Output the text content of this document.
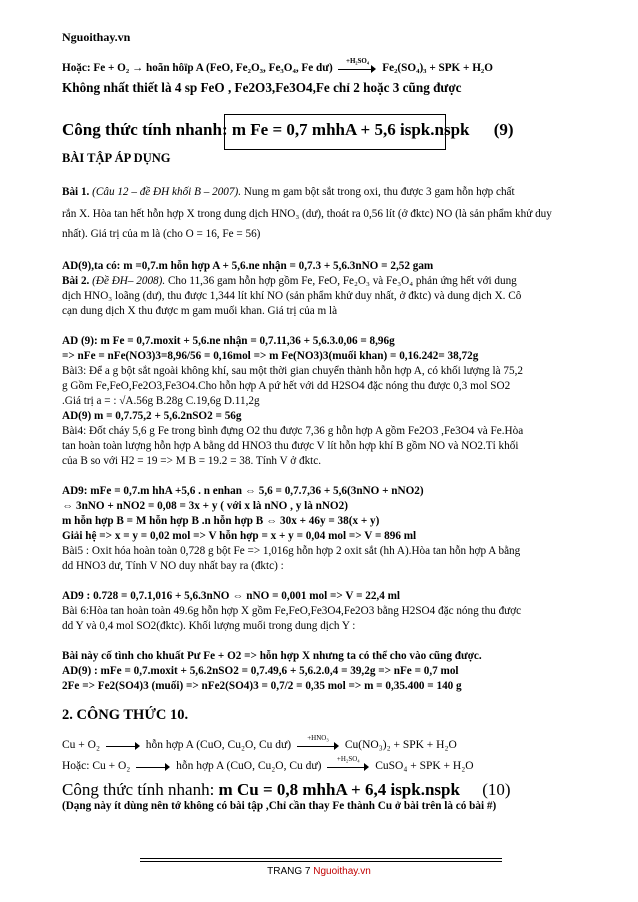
Nguoithay.vn
Hoặc: Fe + O₂ → hoãn hôïp A (FeO, Fe₂O₃, Fe₃O₄, Fe dư)
+H₂SO₄
Fe₂(SO₄)₃ + SPK + H₂O
Không nhất thiết là 4 sp FeO , Fe2O3,Fe3O4,Fe chỉ 2 hoặc 3 cũng được
Công thức tính nhanh: m Fe = 0,7 mhhA + 5,6 ispk.nspk (9)
BÀI TẬP ÁP DỤNG
Bài 1. (Câu 12 – đề ĐH khối B – 2007). Nung m gam bột sắt trong oxi, thu được 3 gam hỗn hợp chất
rắn X. Hòa tan hết hỗn hợp X trong dung dịch HNO₃ (dư), thoát ra 0,56 lít (ở đktc) NO (là sản phẩm khử duy
nhất). Giá trị của m là (cho O = 16, Fe = 56)
AD(9),ta có: m =0,7.m hỗn hợp A + 5,6.ne nhận = 0,7.3 + 5,6.3nNO = 2,52 gam
Bài 2. (Đề ĐH– 2008). Cho 11,36 gam hỗn hợp gồm Fe, FeO, Fe₂O₃ và Fe₃O₄ phản ứng hết với dung
dịch HNO₃ loãng (dư), thu được 1,344 lít khí NO (sản phẩm khử duy nhất, ở đktc) và dung dịch X. Cô
cạn dung dịch X thu được m gam muối khan. Giá trị của m là
AD (9): m Fe = 0,7.moxit + 5,6.ne nhận = 0,7.11,36 + 5,6.3.0,06 = 8,96g
=> nFe = nFe(NO3)3=8,96/56 = 0,16mol => m Fe(NO3)3(muối khan) = 0,16.242= 38,72g
Bài3: Để a g bột sắt ngoài không khí, sau một thời gian chuyển thành hỗn hợp A, có khối lượng là 75,2
g Gồm Fe,FeO,Fe2O3,Fe3O4.Cho hỗn hợp A pứ hết với dd H2SO4 đặc nóng thu được 0,3 mol SO2
.Giá trị a = : √A.56g B.28g C.19,6g D.11,2g
AD(9) m = 0,7.75,2 + 5,6.2nSO2 = 56g
Bài4: Đốt cháy 5,6 g Fe trong bình đựng O2 thu được 7,36 g hỗn hợp A gồm Fe2O3 ,Fe3O4 và Fe.Hòa
tan hoàn toàn lượng hỗn hợp A bằng dd HNO3 thu được V lít hỗn hợp khí B gồm NO và NO2.Tỉ khối
của B so với H2 = 19 => M B = 19.2 = 38. Tính V ở đktc.
AD9: mFe = 0,7.m hhA +5,6 . n enhan ⇔ 5,6 = 0,7.7,36 + 5,6(3nNO + nNO2)
⇔ 3nNO + nNO2 = 0,08 = 3x + y ( với x là nNO , y là nNO2)
m hỗn hợp B = M hỗn hợp B .n hỗn hợp B ⇔ 30x + 46y = 38(x + y)
Giải hệ => x = y = 0,02 mol => V hỗn hợp = x + y = 0,04 mol => V = 896 ml
Bài5 : Oxit hóa hoàn toàn 0,728 g bột Fe => 1,016g hỗn hợp 2 oxit sắt (hh A).Hòa tan hỗn hợp A bằng
dd HNO3 dư, Tính V NO duy nhất bay ra (đktc) :
AD9 : 0.728 = 0,7.1,016 + 5,6.3nNO ⇔ nNO = 0,001 mol => V = 22,4 ml
Bài 6:Hòa tan hoàn toàn 49.6g hỗn hợp X gồm Fe,FeO,Fe3O4,Fe2O3 bằng H2SO4 đặc nóng thu được
dd Y và 0,4 mol SO2(đktc). Khối lượng muối trong dung dịch Y :
Bài này cố tình cho khuất Pư Fe + O2 => hỗn hợp X nhưng ta có thể cho vào cũng được.
AD(9) : mFe = 0,7.moxit + 5,6.2nSO2 = 0,7.49,6 + 5,6.2.0,4 = 39,2g => nFe = 0,7 mol
2Fe => Fe2(SO4)3 (muối) => nFe2(SO4)3 = 0,7/2 = 0,35 mol => m = 0,35.400 = 140 g
2. CÔNG THỨC 10.
Cu + O₂	hỗn hợp A (CuO, Cu₂O, Cu dư)
+HNO₃
Cu(NO₃)₂ + SPK + H₂O
Hoặc: Cu + O₂	hỗn hợp A (CuO, Cu₂O, Cu dư)
+H₂SO₄
CuSO₄ + SPK + H₂O
Công thức tính nhanh: m Cu = 0,8 mhhA + 6,4 ispk.nspk (10)
(Dạng này ít dùng nên tớ không có bài tập ,Chỉ cần thay Fe thành Cu ở bài trên là có bài #)
TRANG 7 Nguoithay.vn
